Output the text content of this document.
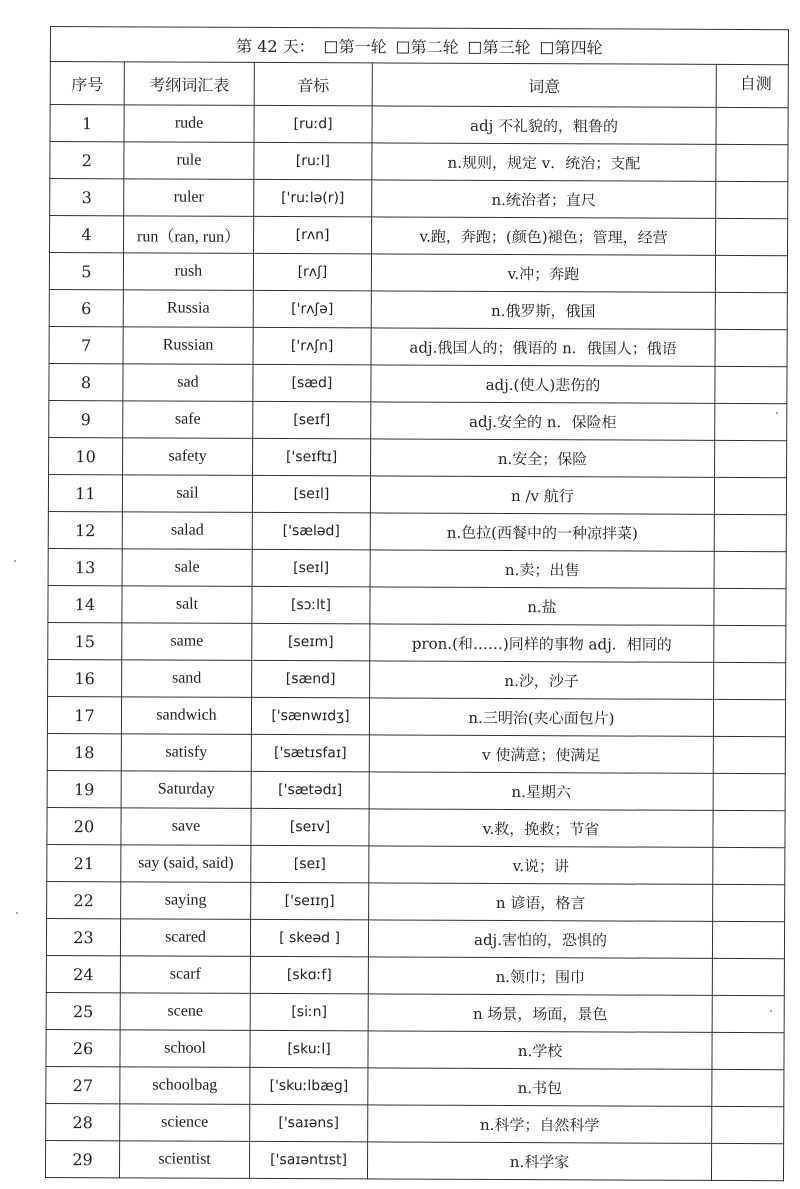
第 42 天： 第一轮 第二轮 第三轮 第四轮				
序号	考纲词汇表	音标	词意	自测
1	rude	[ruːd]	adj 不礼貌的，粗鲁的	
2	rule	[ruːl]	n.规则，规定 v．统治；支配	
3	ruler	['ruːlə(r)]	n.统治者；直尺	
4	run（ran, run）	[rʌn]	v.跑，奔跑；(颜色)褪色；管理，经营	
5	rush	[rʌʃ]	v.冲；奔跑	
6	Russia	['rʌʃə]	n.俄罗斯，俄国	
7	Russian	['rʌʃn]	adj.俄国人的；俄语的 n．俄国人；俄语	
8	sad	[sæd]	adj.(使人)悲伤的	
9	safe	[seɪf]	adj.安全的 n．保险柜	
10	safety	['seɪftɪ]	n.安全；保险	
11	sail	[seɪl]	n /v 航行	
12	salad	['sæləd]	n.色拉(西餐中的一种凉拌菜)	
13	sale	[seɪl]	n.卖；出售	
14	salt	[sɔːlt]	n.盐	
15	same	[seɪm]	pron.(和……)同样的事物 adj．相同的	
16	sand	[sænd]	n.沙，沙子	
17	sandwich	['sænwɪdʒ]	n.三明治(夹心面包片)	
18	satisfy	['sætɪsfaɪ]	v 使满意；使满足	
19	Saturday	['sætədɪ]	n.星期六	
20	save	[seɪv]	v.救，挽救；节省	
21	say (said, said)	[seɪ]	v.说；讲	
22	saying	['seɪɪŋ]	n 谚语，格言	
23	scared	[ skeəd ]	adj.害怕的，恐惧的	
24	scarf	[skɑːf]	n.领巾；围巾	
25	scene	[siːn]	n 场景，场面，景色	
26	school	[skuːl]	n.学校	
27	schoolbag	['skuːlbæg]	n.书包	
28	science	['saɪəns]	n.科学；自然科学	
29	scientist	['saɪəntɪst]	n.科学家	
